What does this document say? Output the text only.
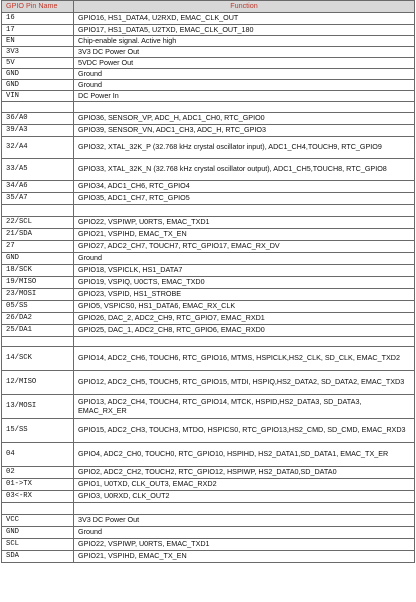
GPIO Pin Name	Function
16	GPIO16, HS1_DATA4, U2RXD, EMAC_CLK_OUT
17	GPIO17, HS1_DATA5, U2TXD, EMAC_CLK_OUT_180
EN	Chip-enable signal. Active high
3V3	3V3 DC Power Out
5V	5VDC Power Out
GND	Ground
GND	Ground
VIN	DC Power In

36/A0	GPIO36, SENSOR_VP, ADC_H, ADC1_CH0, RTC_GPIO0
39/A3	GPIO39, SENSOR_VN, ADC1_CH3, ADC_H, RTC_GPIO3
32/A4	GPIO32, XTAL_32K_P (32.768 kHz crystal oscillator input), ADC1_CH4,TOUCH9, RTC_GPIO9
33/A5	GPIO33, XTAL_32K_N (32.768 kHz crystal oscillator output), ADC1_CH5,TOUCH8, RTC_GPIO8
34/A6	GPIO34, ADC1_CH6, RTC_GPIO4
35/A7	GPIO35, ADC1_CH7, RTC_GPIO5

22/SCL	GPIO22, VSPIWP, U0RTS, EMAC_TXD1
21/SDA	GPIO21, VSPIHD, EMAC_TX_EN
27	GPIO27, ADC2_CH7, TOUCH7, RTC_GPIO17, EMAC_RX_DV
GND	Ground
18/SCK	GPIO18, VSPICLK, HS1_DATA7
19/MISO	GPIO19, VSPIQ, U0CTS, EMAC_TXD0
23/MOSI	GPIO23, VSPID, HS1_STROBE
05/SS	GPIO5, VSPICS0, HS1_DATA6, EMAC_RX_CLK
26/DA2	GPIO26, DAC_2, ADC2_CH9, RTC_GPIO7, EMAC_RXD1
25/DA1	GPIO25, DAC_1, ADC2_CH8, RTC_GPIO6, EMAC_RXD0

14/SCK	GPIO14, ADC2_CH6, TOUCH6, RTC_GPIO16, MTMS, HSPICLK,HS2_CLK, SD_CLK, EMAC_TXD2
12/MISO	GPIO12, ADC2_CH5, TOUCH5, RTC_GPIO15, MTDI, HSPIQ,HS2_DATA2, SD_DATA2, EMAC_TXD3
13/MOSI	GPIO13, ADC2_CH4, TOUCH4, RTC_GPIO14, MTCK, HSPID,HS2_DATA3, SD_DATA3, EMAC_RX_ER
15/SS	GPIO15, ADC2_CH3, TOUCH3, MTDO, HSPICS0, RTC_GPIO13,HS2_CMD, SD_CMD, EMAC_RXD3
04	GPIO4, ADC2_CH0, TOUCH0, RTC_GPIO10, HSPIHD, HS2_DATA1,SD_DATA1, EMAC_TX_ER
02	GPIO2, ADC2_CH2, TOUCH2, RTC_GPIO12, HSPIWP, HS2_DATA0,SD_DATA0
01->TX	GPIO1, U0TXD, CLK_OUT3, EMAC_RXD2
03<-RX	GPIO3, U0RXD, CLK_OUT2

VCC	3V3 DC Power Out
GND	Ground
SCL	GPIO22, VSPIWP, U0RTS, EMAC_TXD1
SDA	GPIO21, VSPIHD, EMAC_TX_EN
